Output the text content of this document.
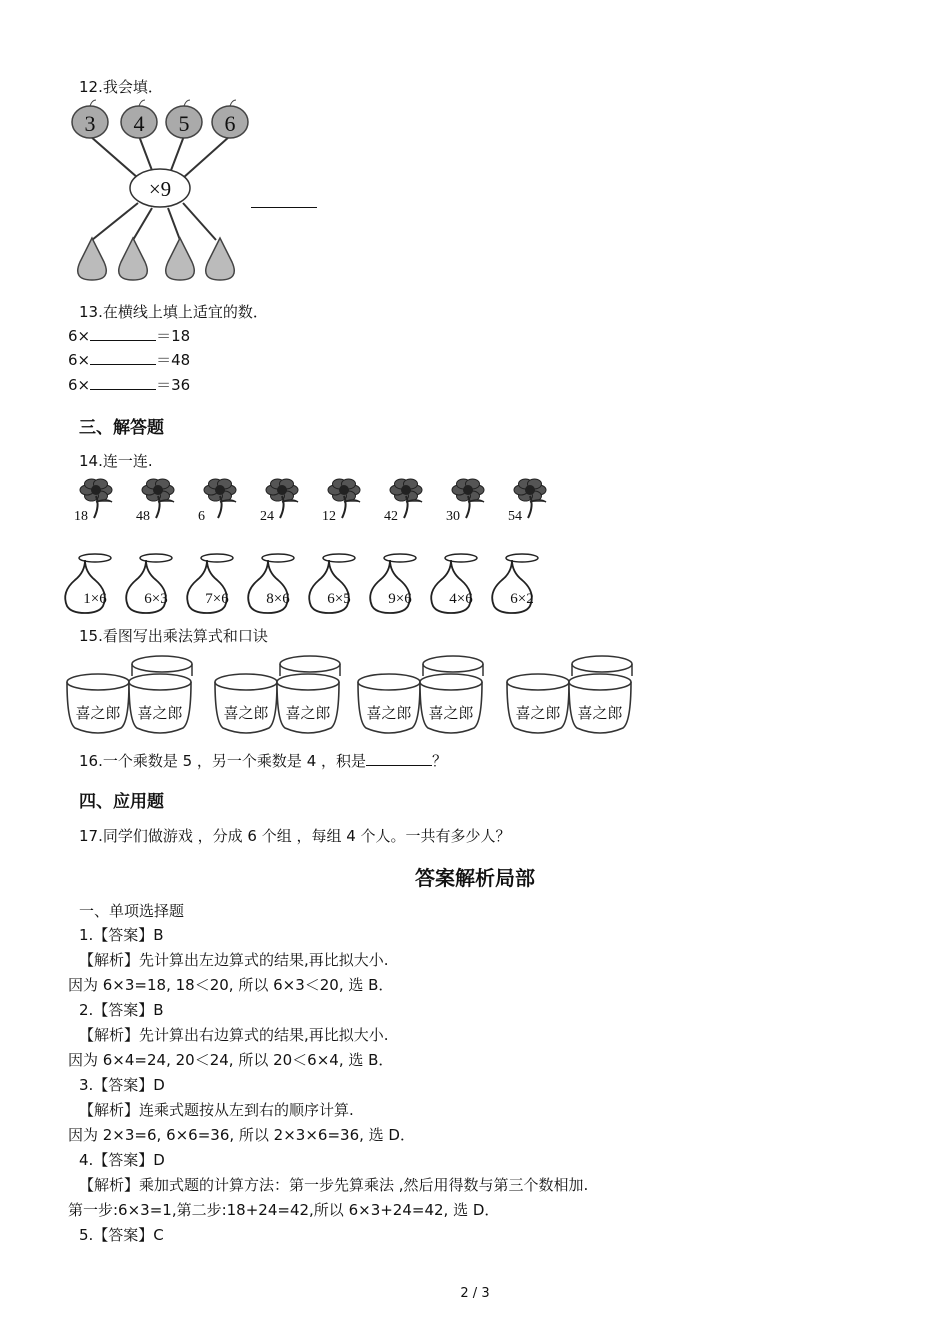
12.我会填．
3 4 5 6
×9
13.在横线上填上适宜的数．
6×	＝18
6×	＝48
6×	＝36
三、解答题
14.连一连.
18	48	6	24	12	42	30	54
1×6	6×3	7×6	8×6	6×5	9×6	4×6	6×2
15.看图写出乘法算式和口诀
喜之郎 喜之郎	喜之郎 喜之郎 喜之郎 喜之郎	喜之郎 喜之郎
16.一个乘数是 5 ，另一个乘数是 4 ，积是	？
四、应用题
17.同学们做游戏 ，分成 6 个组 ，每组 4 个人。一共有多少人？
答案解析局部
一、单项选择题
1.【答案】B
【解析】先计算出左边算式的结果,再比拟大小.
因为 6×3=18, 18＜20, 所以 6×3＜20, 选 B．
2.【答案】B
【解析】先计算出右边算式的结果,再比拟大小.
因为 6×4=24, 20＜24, 所以 20＜6×4, 选 B．
3.【答案】D
【解析】连乘式题按从左到右的顺序计算.
因为 2×3=6, 6×6=36, 所以 2×3×6=36, 选 D．
4.【答案】D
【解析】乘加式题的计算方法：第一步先算乘法 ,然后用得数与第三个数相加.
第一步:6×3=1,第二步:18+24=42,所以 6×3+24=42, 选 D．
5.【答案】C
2 / 3
